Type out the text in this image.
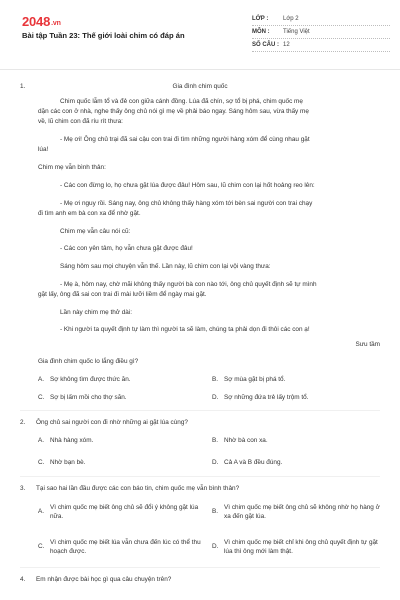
2048.vn
Bài tập Tuần 23: Thế giới loài chim có đáp án
LỚP :	Lớp 2
MÔN :	Tiếng Việt
SỐ CÂU : 12
1.	Gia đình chim quốc
Chim quốc lẫm tổ và đẻ con giữa cánh đồng. Lúa đã chín, sợ tổ bị phá, chim quốc mẹ
dặn các con ở nhà, nghe thấy ông chủ nói gì mẹ về phải báo ngay. Sáng hôm sau, vừa thấy mẹ
về, lũ chim con đã ríu rít thưa:
- Mẹ ơi! Ông chủ trại đã sai cậu con trai đi tìm những người hàng xóm để cùng nhau gặt
lúa!
Chim mẹ vẫn bình thản:
- Các con đừng lo, họ chưa gặt lúa được đâu! Hôm sau, lũ chim con lại hốt hoảng reo lên:
- Mẹ ơi nguy rồi. Sáng nay, ông chủ không thấy hàng xóm tới bèn sai người con trai chạy
đi tìm anh em bà con xa để nhờ gặt.
Chim mẹ vẫn câu nói cũ:
- Các con yên tâm, họ vẫn chưa gặt được đâu!
Sáng hôm sau mọi chuyện vẫn thế. Lần này, lũ chim con lại vội vàng thưa:
- Mẹ à, hôm nay, chờ mãi không thấy người bà con nào tới, ông chủ quyết định sẽ tự mình
gặt lấy, ông đã sai con trai đi mài lưỡi liềm để ngày mai gặt.
Lần này chim mẹ thở dài:
- Khi người ta quyết định tự làm thì người ta sẽ làm, chúng ta phải dọn đi thôi các con ạ!
Sưu tầm
Gia đình chim quốc lo lắng điều gì?
A. Sợ không tìm được thức ăn.	B. Sợ mùa gặt bị phá tổ.
C. Sợ bị lấm mồi cho thợ săn.	D. Sợ những đứa trẻ lấy trộm tổ.
2. Ông chủ sai người con đi nhờ những ai gặt lúa cùng?
A. Nhà hàng xóm.	B. Nhờ bà con xa.
C. Nhờ bạn bè.	D. Cả A và B đều đúng.
3. Tại sao hai lần đầu được các con báo tin, chim quốc mẹ vẫn bình thản?
A.
Vì chim quốc mẹ biết ông chủ sẽ đổi ý không gặt lúa nữa.
B.
Vì chim quốc mẹ biết ông chủ sẽ không nhờ họ hàng ở xa đến gặt lúa.
C.
Vì chim quốc mẹ biết lúa vẫn chưa đến lúc có thể thu hoạch được.
D.
Vì chim quốc mẹ biết chỉ khi ông chủ quyết định tự gặt lúa thì ông mới làm thật.
4. Em nhận được bài học gì qua câu chuyện trên?
